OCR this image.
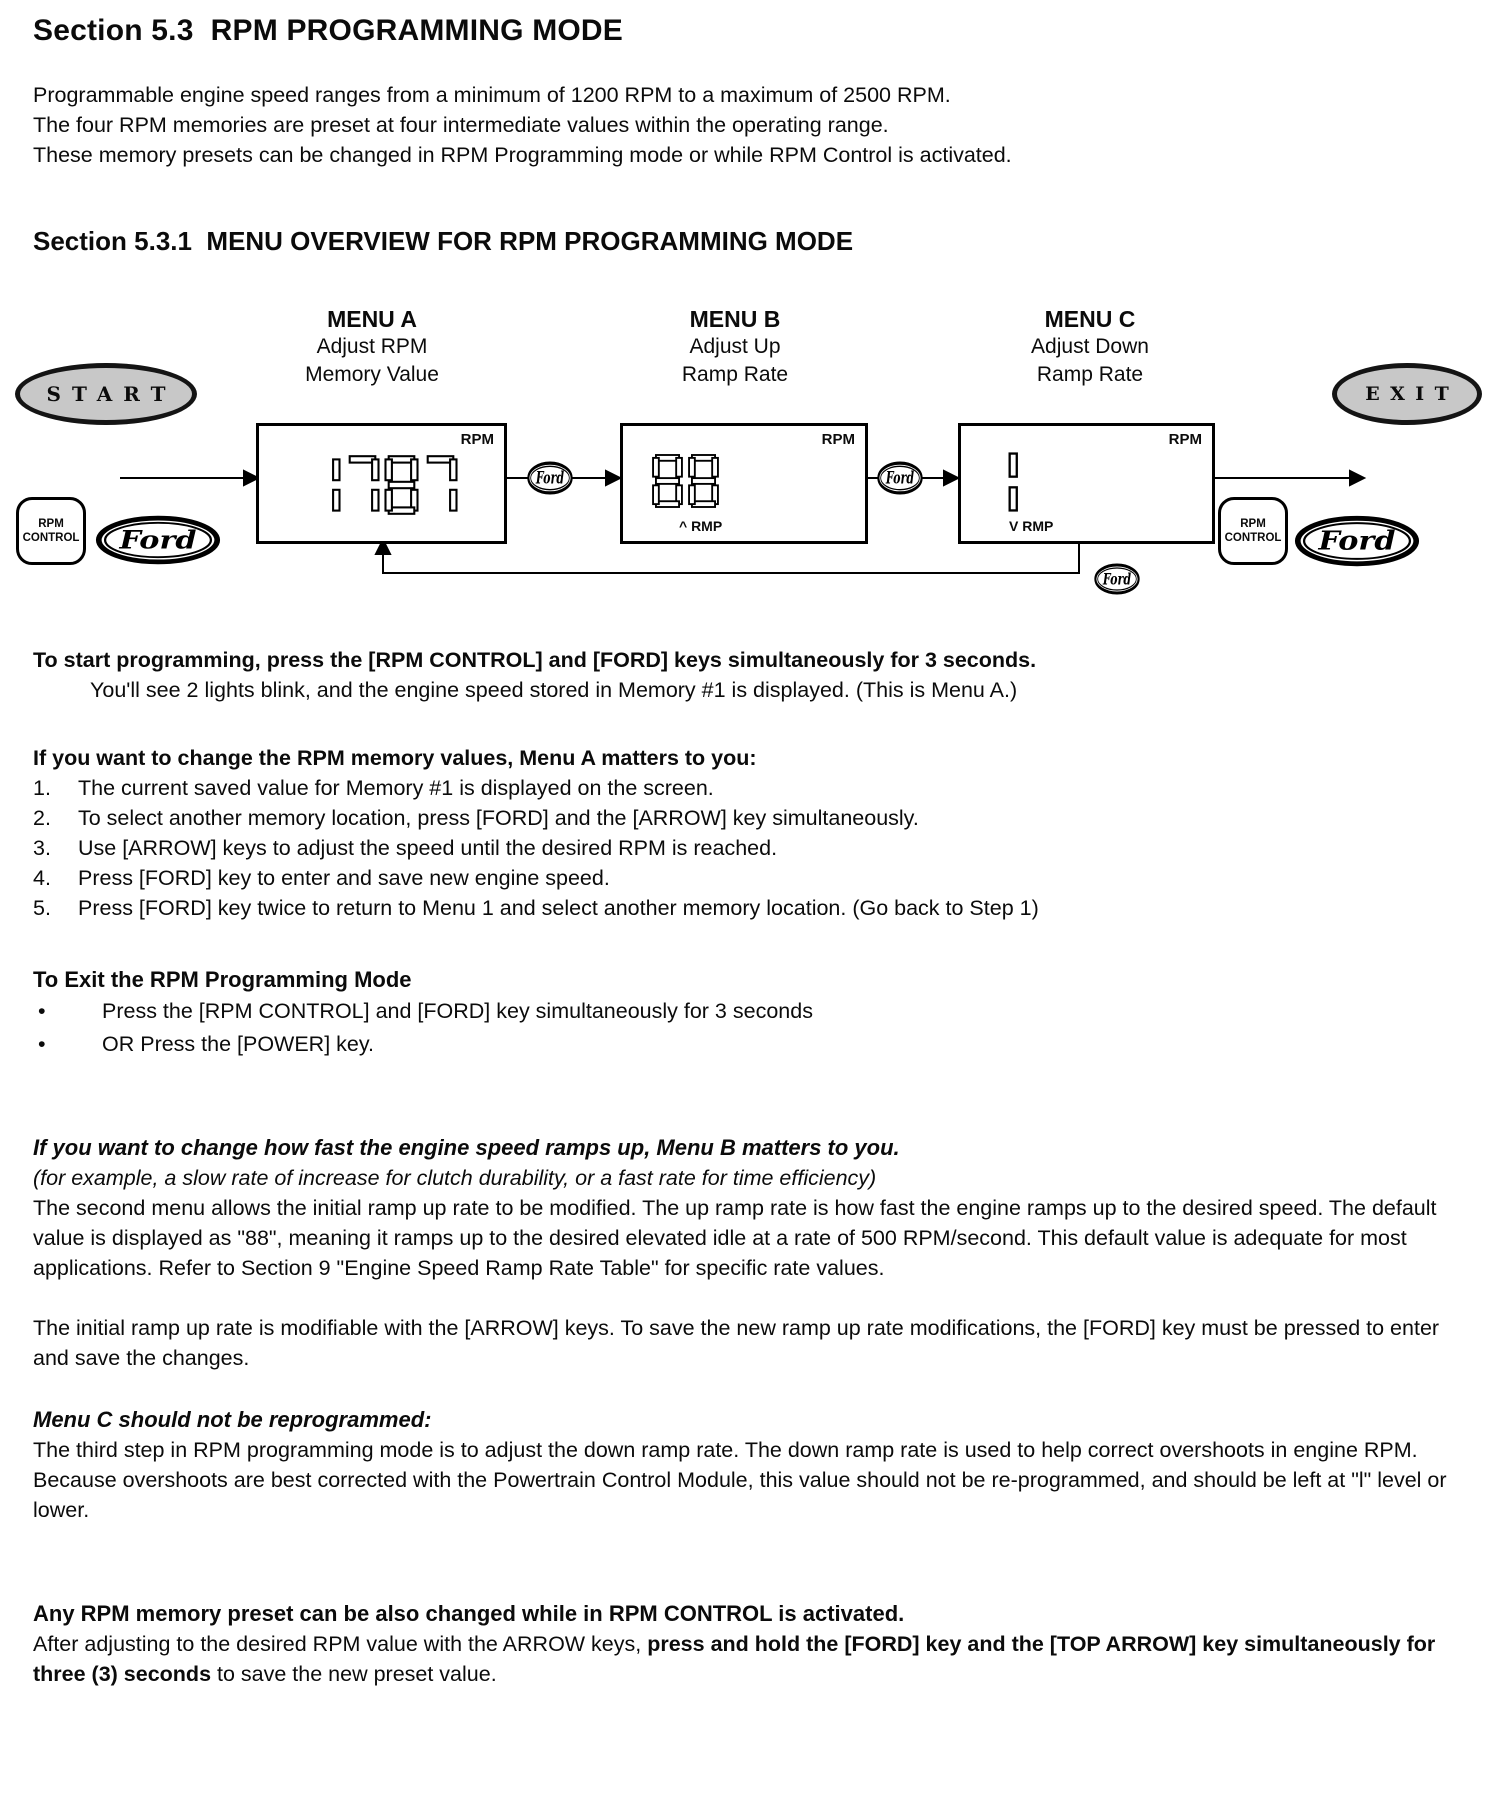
Section 5.3  RPM PROGRAMMING MODE
Programmable engine speed ranges from a minimum of 1200 RPM to a maximum of 2500 RPM.
The four RPM memories are preset at four intermediate values within the operating range.
These memory presets can be changed in RPM Programming mode or while RPM Control is activated.
Section 5.3.1  MENU OVERVIEW FOR RPM PROGRAMMING MODE
START	EXIT
MENU A
Adjust RPM
Memory Value
MENU B
Adjust Up
Ramp Rate
MENU C
Adjust Down
Ramp Rate
RPM	RPM
^ RMP
RPM
V RMP
RPM
CONTROL
RPM
CONTROL
Ford	Ford
Ford	Ford
Ford
To start programming, press the [RPM CONTROL] and [FORD] keys simultaneously for 3 seconds.
You'll see 2 lights blink, and the engine speed stored in Memory #1 is displayed. (This is Menu A.)
If you want to change the RPM memory values, Menu A matters to you:
1.	The current saved value for Memory #1 is displayed on the screen.
2.	To select another memory location, press [FORD] and the [ARROW] key simultaneously.
3.	Use [ARROW] keys to adjust the speed until the desired RPM is reached.
4.	Press [FORD] key to enter and save new engine speed.
5.	Press [FORD] key twice to return to Menu 1 and select another memory location. (Go back to Step 1)
To Exit the RPM Programming Mode
•	Press the [RPM CONTROL] and [FORD] key simultaneously for 3 seconds
•	OR Press the [POWER] key.
If you want to change how fast the engine speed ramps up, Menu B matters to you.
(for example, a slow rate of increase for clutch durability, or a fast rate for time efficiency)
The second menu allows the initial ramp up rate to be modified. The up ramp rate is how fast the engine ramps up to the desired speed. The default value is displayed as "88", meaning it ramps up to the desired elevated idle at a rate of 500 RPM/second. This default value is adequate for most applications. Refer to Section 9 "Engine Speed Ramp Rate Table" for specific rate values.
The initial ramp up rate is modifiable with the [ARROW] keys. To save the new ramp up rate modifications, the [FORD] key must be pressed to enter and save the changes.
Menu C should not be reprogrammed:
The third step in RPM programming mode is to adjust the down ramp rate. The down ramp rate is used to help correct overshoots in engine RPM. Because overshoots are best corrected with the Powertrain Control Module, this value should not be re-programmed, and should be left at "l" level or lower.
Any RPM memory preset can be also changed while in RPM CONTROL is activated.
After adjusting to the desired RPM value with the ARROW keys, press and hold the [FORD] key and the [TOP ARROW] key simultaneously for three (3) seconds to save the new preset value.
